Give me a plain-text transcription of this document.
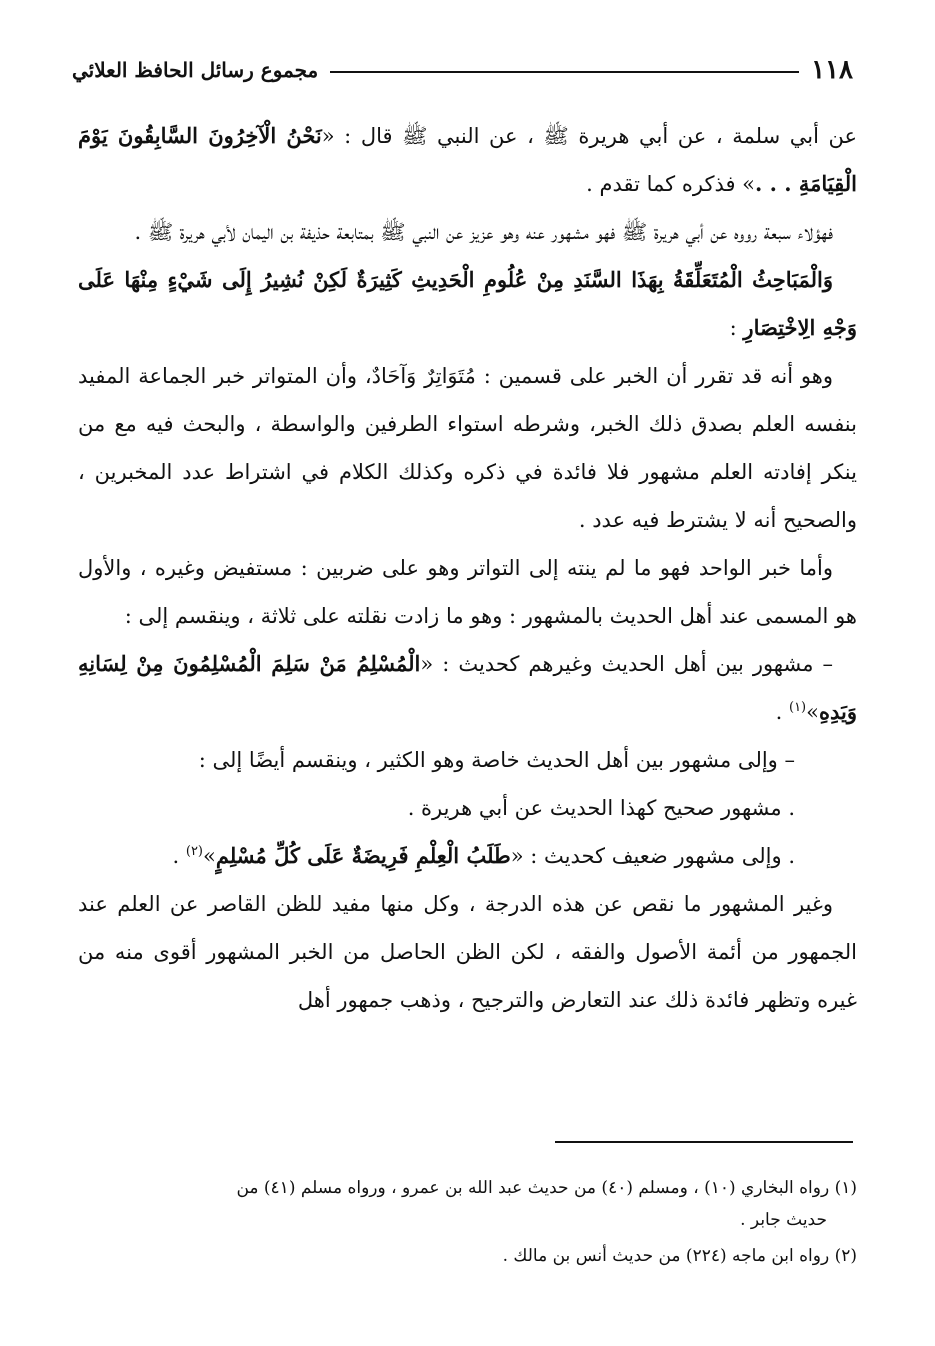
١١٨
مجموع رسائل الحافظ العلائي

عن أبي سلمة ، عن أبي هريرة ﷺ ، عن النبي ﷺ قال : «نَحْنُ الْآخِرُونَ السَّابِقُونَ يَوْمَ الْقِيَامَةِ . . .» فذكره كما تقدم .

فهؤلاء سبعة رووه عن أبي هريرة ﷺ فهو مشهور عنه وهو عزيز عن النبي ﷺ بمتابعة حذيفة بن اليمان لأبي هريرة ﷺ .

وَالْمَبَاحِثُ الْمُتَعَلِّقَةُ بِهَذَا السَّنَدِ مِنْ عُلُومِ الْحَدِيثِ كَثِيرَةٌ لَكِنْ نُشِيرُ إِلَى شَيْءٍ مِنْهَا عَلَى وَجْهِ الِاخْتِصَارِ :

وهو أنه قد تقرر أن الخبر على قسمين : مُتَوَاتِرٌ وَآحَادٌ، وأن المتواتر خبر الجماعة المفيد بنفسه العلم بصدق ذلك الخبر، وشرطه استواء الطرفين والواسطة ، والبحث فيه مع من ينكر إفادته العلم مشهور فلا فائدة في ذكره وكذلك الكلام في اشتراط عدد المخبرين ، والصحيح أنه لا يشترط فيه عدد .

وأما خبر الواحد فهو ما لم ينته إلى التواتر وهو على ضربين : مستفيض وغيره ، والأول هو المسمى عند أهل الحديث بالمشهور : وهو ما زادت نقلته على ثلاثة ، وينقسم إلى :

– مشهور بين أهل الحديث وغيرهم كحديث : «الْمُسْلِمُ مَنْ سَلِمَ الْمُسْلِمُونَ مِنْ لِسَانِهِ وَيَدِهِ»$^{(١)}$ .

– وإلى مشهور بين أهل الحديث خاصة وهو الكثير ، وينقسم أيضًا إلى :

. مشهور صحيح كهذا الحديث عن أبي هريرة .

. وإلى مشهور ضعيف كحديث : «طَلَبُ الْعِلْمِ فَرِيضَةٌ عَلَى كُلِّ مُسْلِمٍ»$^{(٢)}$ .

وغير المشهور ما نقص عن هذه الدرجة ، وكل منها مفيد للظن القاصر عن العلم عند الجمهور من أئمة الأصول والفقه ، لكن الظن الحاصل من الخبر المشهور أقوى منه من غيره وتظهر فائدة ذلك عند التعارض والترجيح ، وذهب جمهور أهل

(١) رواه البخاري (١٠) ، ومسلم (٤٠) من حديث عبد الله بن عمرو ، ورواه مسلم (٤١) من
حديث جابر .

(٢) رواه ابن ماجه (٢٢٤) من حديث أنس بن مالك .
